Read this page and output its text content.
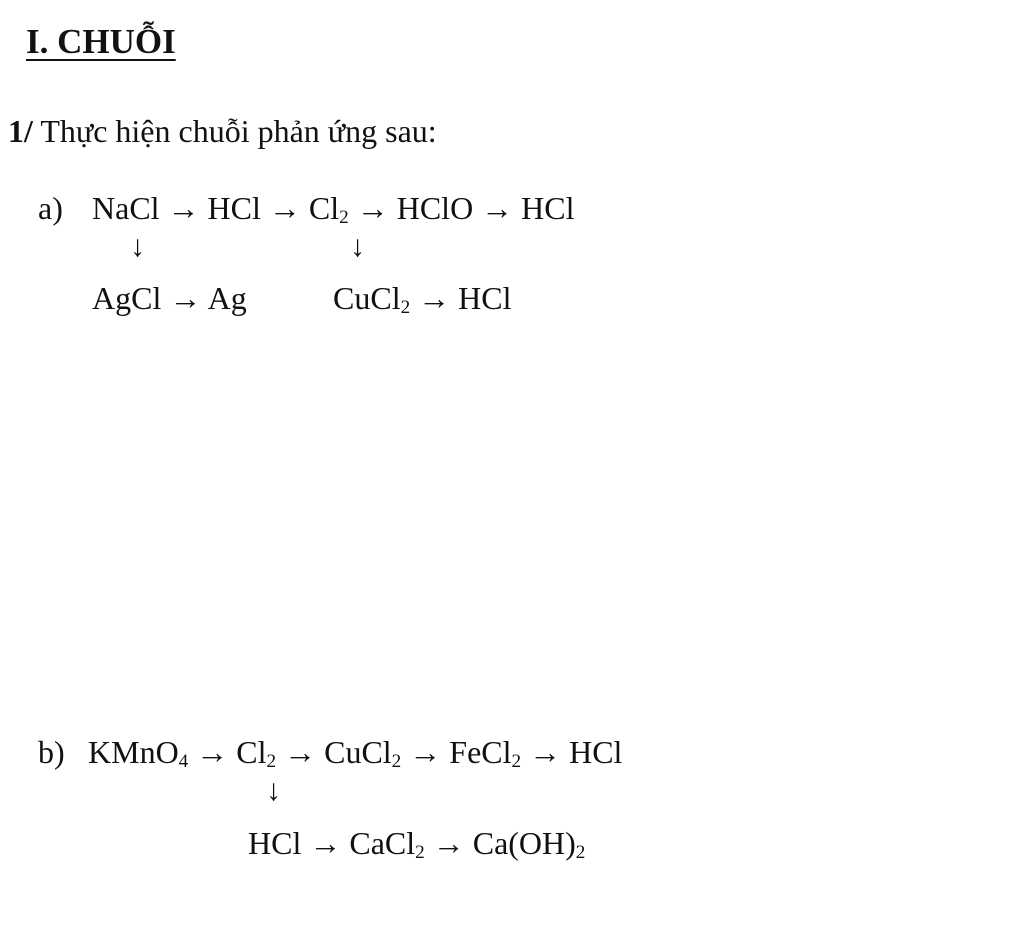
I. CHUỖI
1/ Thực hiện chuỗi phản ứng sau:
a) NaCl → HCl → $Cl_2$ → HClO → HCl
↓	↓
AgCl → Ag	CuCl$_2$ → HCl
b) KMnO$_4$ → $Cl_2$ → CuCl$_2$ → FeCl$_2$ → HCl
↓
HCl → CaCl$_2$ → $Ca(OH)_2$
